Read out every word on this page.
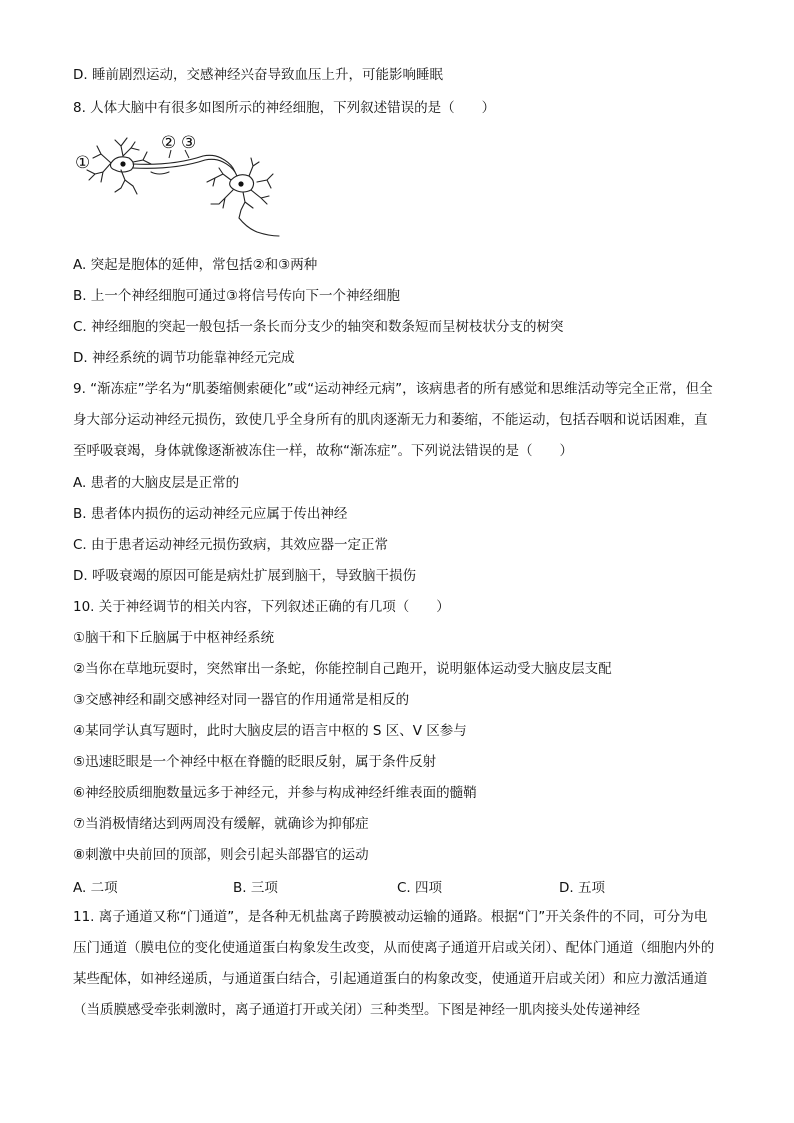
D. 睡前剧烈运动，交感神经兴奋导致血压上升，可能影响睡眠
8. 人体大脑中有很多如图所示的神经细胞，下列叙述错误的是（　　）
①
② ③
A. 突起是胞体的延伸，常包括②和③两种
B. 上一个神经细胞可通过③将信号传向下一个神经细胞
C. 神经细胞的突起一般包括一条长而分支少的轴突和数条短而呈树枝状分支的树突
D. 神经系统的调节功能靠神经元完成
9. “渐冻症”学名为“肌萎缩侧索硬化”或“运动神经元病”，该病患者的所有感觉和思维活动等完全正常，但全身大部分运动神经元损伤，致使几乎全身所有的肌肉逐渐无力和萎缩，不能运动，包括吞咽和说话困难，直至呼吸衰竭，身体就像逐渐被冻住一样，故称“渐冻症”。下列说法错误的是（　　）
A. 患者的大脑皮层是正常的
B. 患者体内损伤的运动神经元应属于传出神经
C. 由于患者运动神经元损伤致病，其效应器一定正常
D. 呼吸衰竭的原因可能是病灶扩展到脑干，导致脑干损伤
10. 关于神经调节的相关内容，下列叙述正确的有几项（　　）
①脑干和下丘脑属于中枢神经系统
②当你在草地玩耍时，突然窜出一条蛇，你能控制自己跑开，说明躯体运动受大脑皮层支配
③交感神经和副交感神经对同一器官的作用通常是相反的
④某同学认真写题时，此时大脑皮层的语言中枢的 S 区、V 区参与
⑤迅速眨眼是一个神经中枢在脊髓的眨眼反射，属于条件反射
⑥神经胶质细胞数量远多于神经元，并参与构成神经纤维表面的髓鞘
⑦当消极情绪达到两周没有缓解，就确诊为抑郁症
⑧刺激中央前回的顶部，则会引起头部器官的运动
A. 二项	B. 三项	C. 四项	D. 五项
11. 离子通道又称“门通道”，是各种无机盐离子跨膜被动运输的通路。根据“门”开关条件的不同，可分为电压门通道（膜电位的变化使通道蛋白构象发生改变，从而使离子通道开启或关闭）、配体门通道（细胞内外的某些配体，如神经递质，与通道蛋白结合，引起通道蛋白的构象改变，使通道开启或关闭）和应力激活通道（当质膜感受牵张刺激时，离子通道打开或关闭）三种类型。下图是神经一肌肉接头处传递神经
